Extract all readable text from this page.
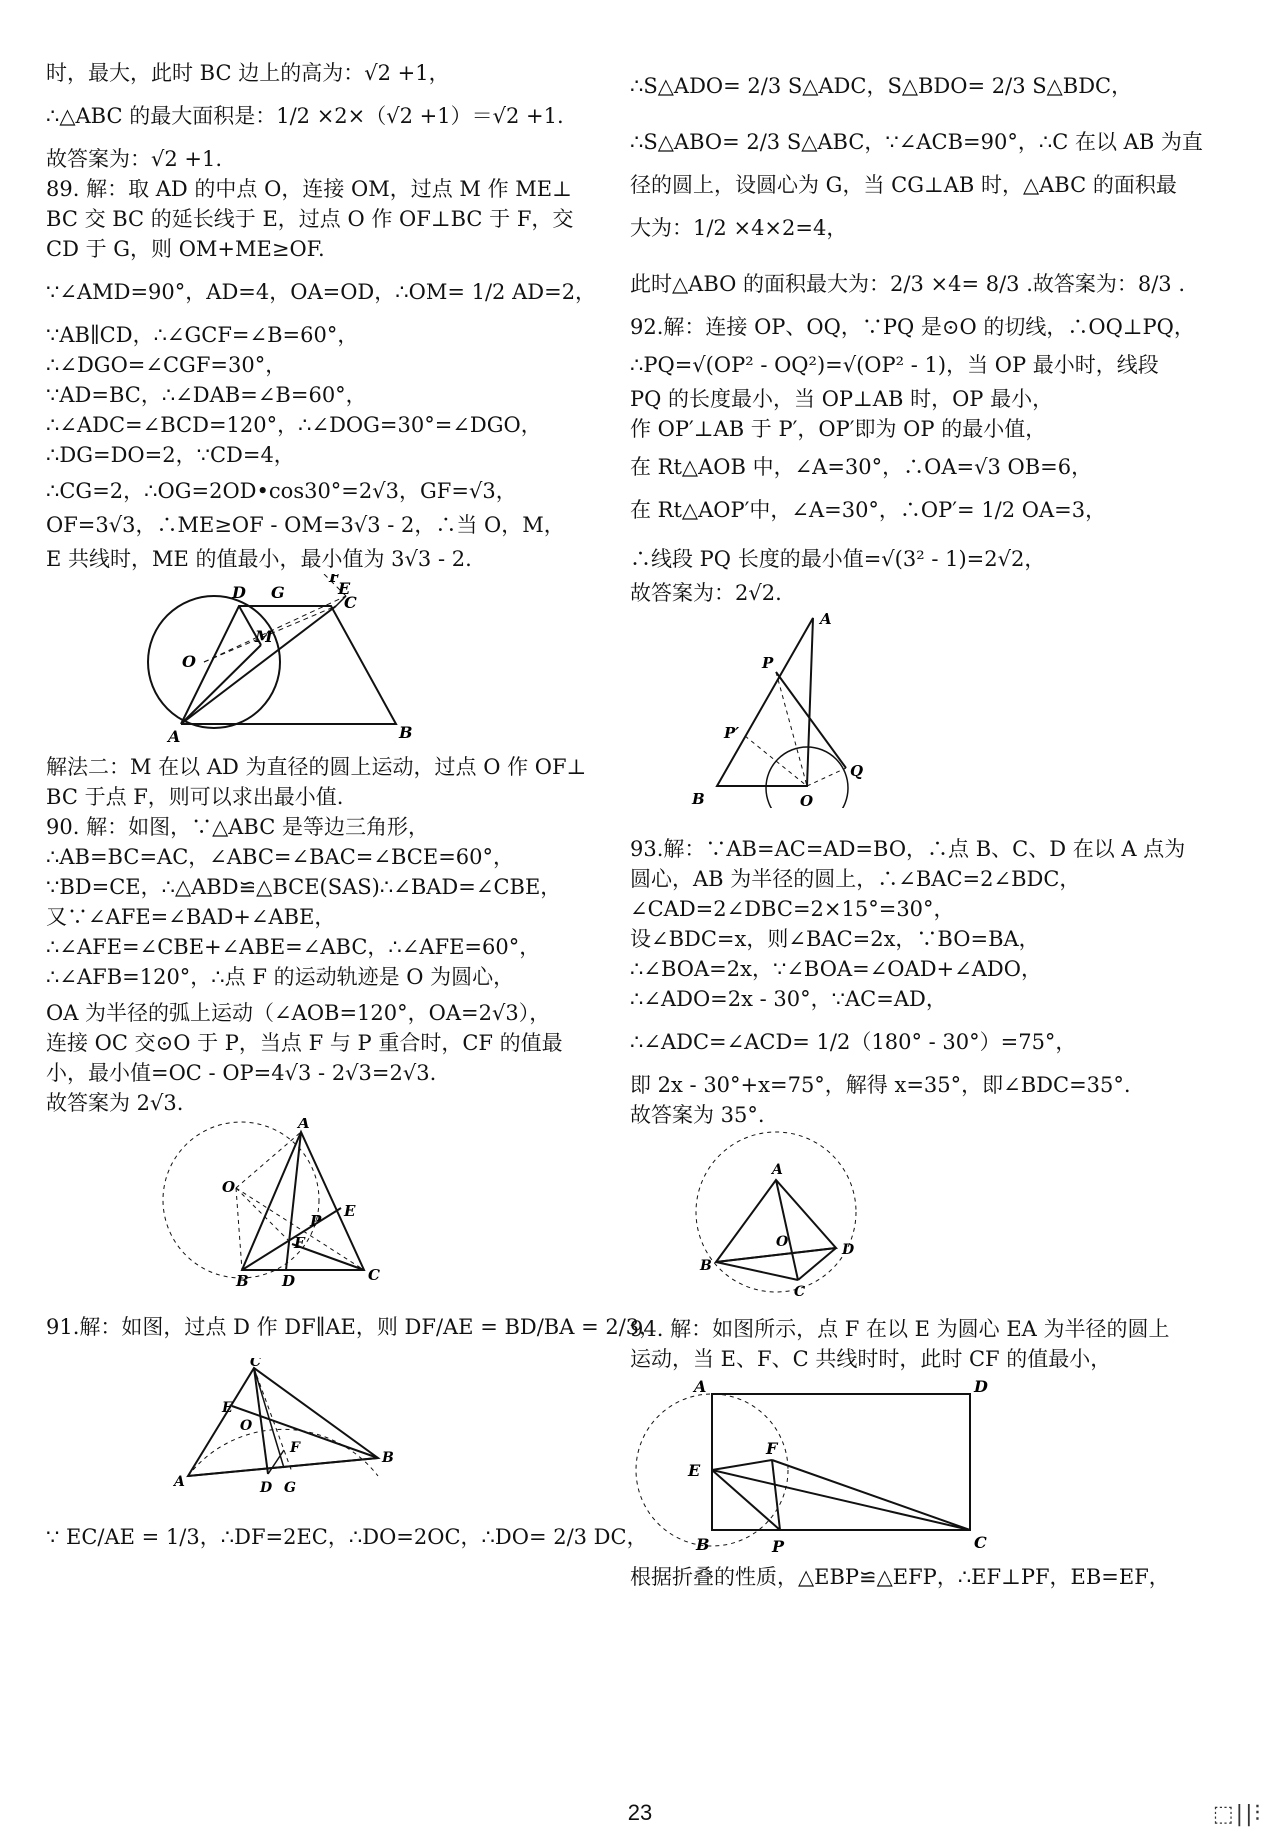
时，最大，此时 BC 边上的高为：√2 +1，
∴△ABC 的最大面积是：1/2 ×2×（√2 +1）＝√2 +1.
故答案为：√2 +1.
89. 解：取 AD 的中点 O，连接 OM，过点 M 作 ME⊥
BC 交 BC 的延长线于 E，过点 O 作 OF⊥BC 于 F，交
CD 于 G，则 OM+ME≥OF.
∵∠AMD=90°，AD=4，OA=OD，∴OM= 1/2 AD=2，
∵AB∥CD，∴∠GCF=∠B=60°，
∴∠DGO=∠CGF=30°，
∵AD=BC，∴∠DAB=∠B=60°，
∴∠ADC=∠BCD=120°，∴∠DOG=30°=∠DGO，
∴DG=DO=2，∵CD=4，
∴CG=2，∴OG=2OD•cos30°=2√3，GF=√3，
OF=3√3，∴ME≥OF - OM=3√3 - 2，∴当 O，M，
E 共线时，ME 的值最小，最小值为 3√3 - 2.
D G
F
E
C
M
O
A	B
解法二：M 在以 AD 为直径的圆上运动，过点 O 作 OF⊥
BC 于点 F，则可以求出最小值.
90. 解：如图，∵△ABC 是等边三角形，
∴AB=BC=AC，∠ABC=∠BAC=∠BCE=60°，
∵BD=CE，∴△ABD≌△BCE(SAS)∴∠BAD=∠CBE，
又∵∠AFE=∠BAD+∠ABE，
∴∠AFE=∠CBE+∠ABE=∠ABC，∴∠AFE=60°，
∴∠AFB=120°，∴点 F 的运动轨迹是 O 为圆心，
OA 为半径的弧上运动（∠AOB=120°，OA=2√3），
连接 OC 交⊙O 于 P，当点 F 与 P 重合时，CF 的值最
小，最小值=OC - OP=4√3 - 2√3=2√3.
故答案为 2√3.
A
O
P
E
F
B D	C
91.解：如图，过点 D 作 DF∥AE，则 DF/AE = BD/BA = 2/3，
C
E
O
F
A	D G
B
∵ EC/AE = 1/3，∴DF=2EC，∴DO=2OC，∴DO= 2/3 DC，
∴S△ADO= 2/3 S△ADC，S△BDO= 2/3 S△BDC，
∴S△ABO= 2/3 S△ABC，∵∠ACB=90°，∴C 在以 AB 为直
径的圆上，设圆心为 G，当 CG⊥AB 时，△ABC 的面积最
大为：1/2 ×4×2=4，
此时△ABO 的面积最大为：2/3 ×4= 8/3 .故答案为：8/3 .
92.解：连接 OP、OQ，∵PQ 是⊙O 的切线，∴OQ⊥PQ，
∴PQ=√(OP² - OQ²)=√(OP² - 1)，当 OP 最小时，线段
PQ 的长度最小，当 OP⊥AB 时，OP 最小，
作 OP′⊥AB 于 P′，OP′即为 OP 的最小值，
在 Rt△AOB 中，∠A=30°，∴OA=√3 OB=6，
在 Rt△AOP′中，∠A=30°，∴OP′= 1/2 OA=3，
∴线段 PQ 长度的最小值=√(3² - 1)=2√2，
故答案为：2√2.
A
P
P′
Q
B	O
93.解：∵AB=AC=AD=BO，∴点 B、C、D 在以 A 点为
圆心，AB 为半径的圆上，∴∠BAC=2∠BDC，
∠CAD=2∠DBC=2×15°=30°，
设∠BDC=x，则∠BAC=2x，∵BO=BA，
∴∠BOA=2x，∵∠BOA=∠OAD+∠ADO，
∴∠ADO=2x - 30°，∵AC=AD，
∴∠ADC=∠ACD= 1/2（180° - 30°）=75°，
即 2x - 30°+x=75°，解得 x=35°，即∠BDC=35°.
故答案为 35°.
A
O
B
C
D
94. 解：如图所示，点 F 在以 E 为圆心 EA 为半径的圆上
运动，当 E、F、C 共线时时，此时 CF 的值最小，
A	D
F
E
B	P	C
根据折叠的性质，△EBP≌△EFP，∴EF⊥PF，EB=EF，
23	⬚||⫶
